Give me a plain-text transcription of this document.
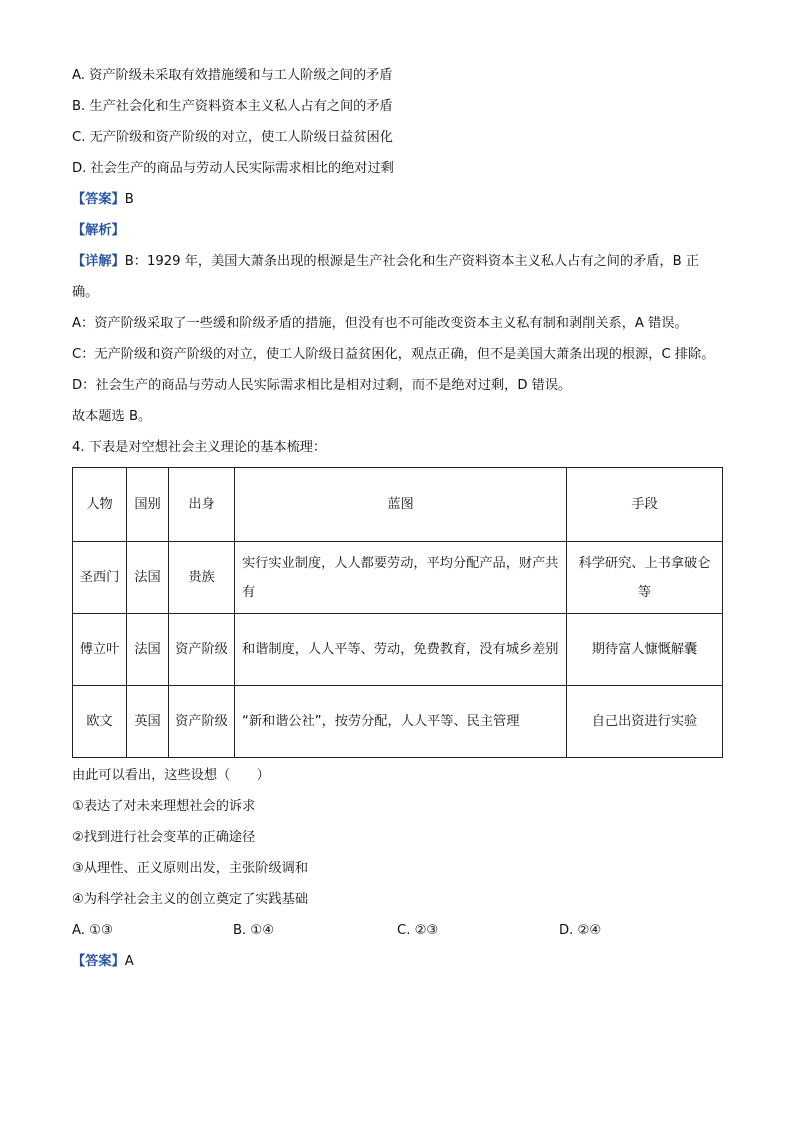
A. 资产阶级未采取有效措施缓和与工人阶级之间的矛盾
B. 生产社会化和生产资料资本主义私人占有之间的矛盾
C. 无产阶级和资产阶级的对立，使工人阶级日益贫困化
D. 社会生产的商品与劳动人民实际需求相比的绝对过剩
【答案】B
【解析】
【详解】B：1929 年，美国大萧条出现的根源是生产社会化和生产资料资本主义私人占有之间的矛盾，B 正确。
A：资产阶级采取了一些缓和阶级矛盾的措施，但没有也不可能改变资本主义私有制和剥削关系，A 错误。
C：无产阶级和资产阶级的对立，使工人阶级日益贫困化，观点正确，但不是美国大萧条出现的根源，C 排除。
D：社会生产的商品与劳动人民实际需求相比是相对过剩，而不是绝对过剩，D 错误。
故本题选 B。
4. 下表是对空想社会主义理论的基本梳理：
人物	国别	出身	蓝图	手段
圣西门	法国	贵族	实行实业制度，人人都要劳动，平均分配产品，财产共有	科学研究、上书拿破仑等
傅立叶	法国	资产阶级	和谐制度，人人平等、劳动，免费教育，没有城乡差别	期待富人慷慨解囊
欧文	英国	资产阶级	“新和谐公社”，按劳分配，人人平等、民主管理	自己出资进行实验
由此可以看出，这些设想（　　）
①表达了对未来理想社会的诉求
②找到进行社会变革的正确途径
③从理性、正义原则出发，主张阶级调和
④为科学社会主义的创立奠定了实践基础
A. ①③	B. ①④	C. ②③	D. ②④
【答案】A
